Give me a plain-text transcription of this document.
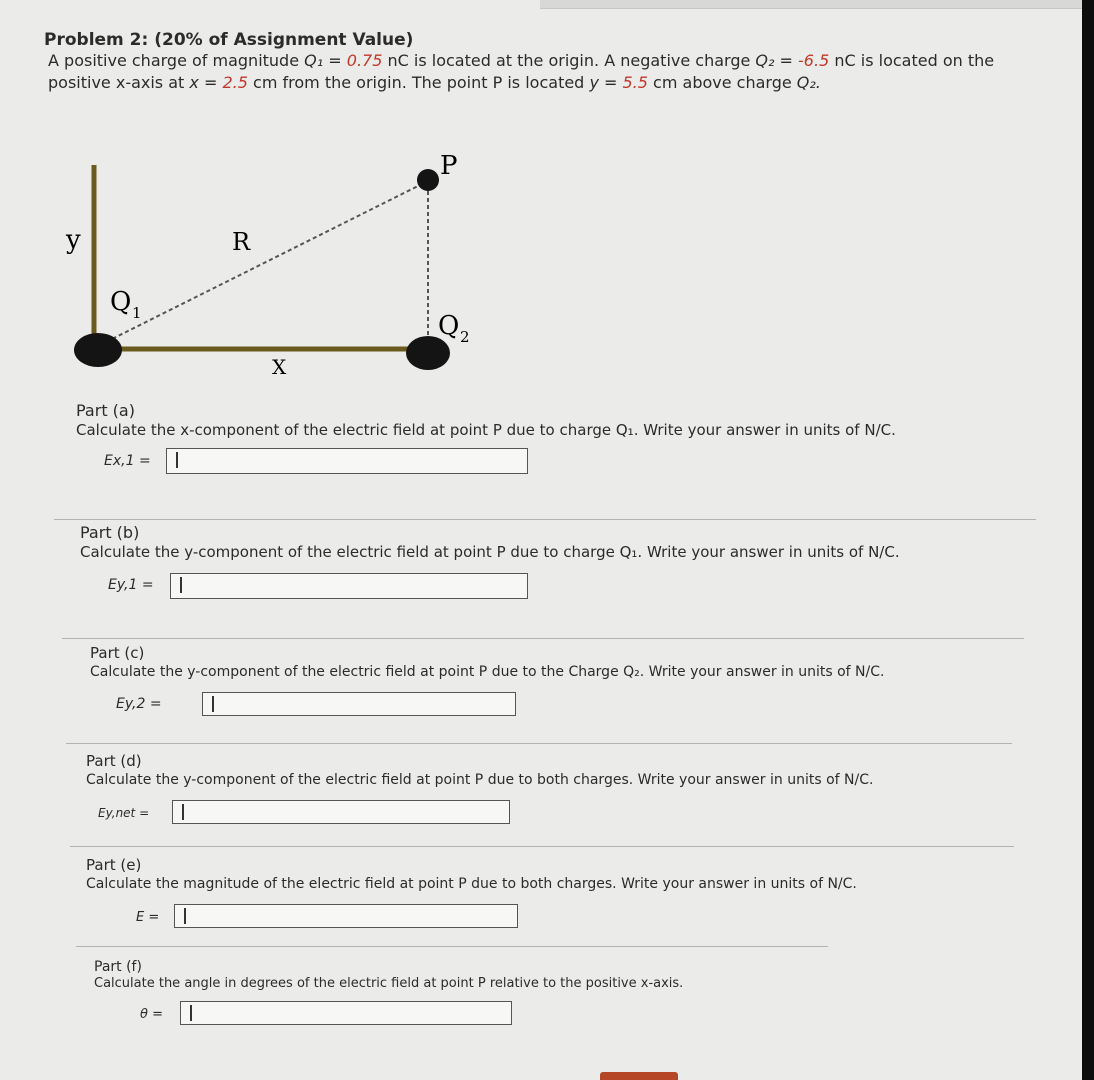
Problem 2: (20% of Assignment Value)
A positive charge of magnitude Q₁ = 0.75 nC is located at the origin. A negative charge Q₂ = -6.5 nC is located on the
positive x-axis at x = 2.5 cm from the origin. The point P is located y = 5.5 cm above charge Q₂.
y	R
P
Q 1	Q 2
X
Part (a)
Calculate the x-component of the electric field at point P due to charge Q₁. Write your answer in units of N/C.
Ex,1 =
Part (b)
Calculate the y-component of the electric field at point P due to charge Q₁. Write your answer in units of N/C.
Ey,1 =
Part (c)
Calculate the y-component of the electric field at point P due to the Charge Q₂. Write your answer in units of N/C.
Ey,2 =
Part (d)
Calculate the y-component of the electric field at point P due to both charges. Write your answer in units of N/C.
Ey,net =
Part (e)
Calculate the magnitude of the electric field at point P due to both charges. Write your answer in units of N/C.
E =
Part (f)
Calculate the angle in degrees of the electric field at point P relative to the positive x-axis.
θ =
